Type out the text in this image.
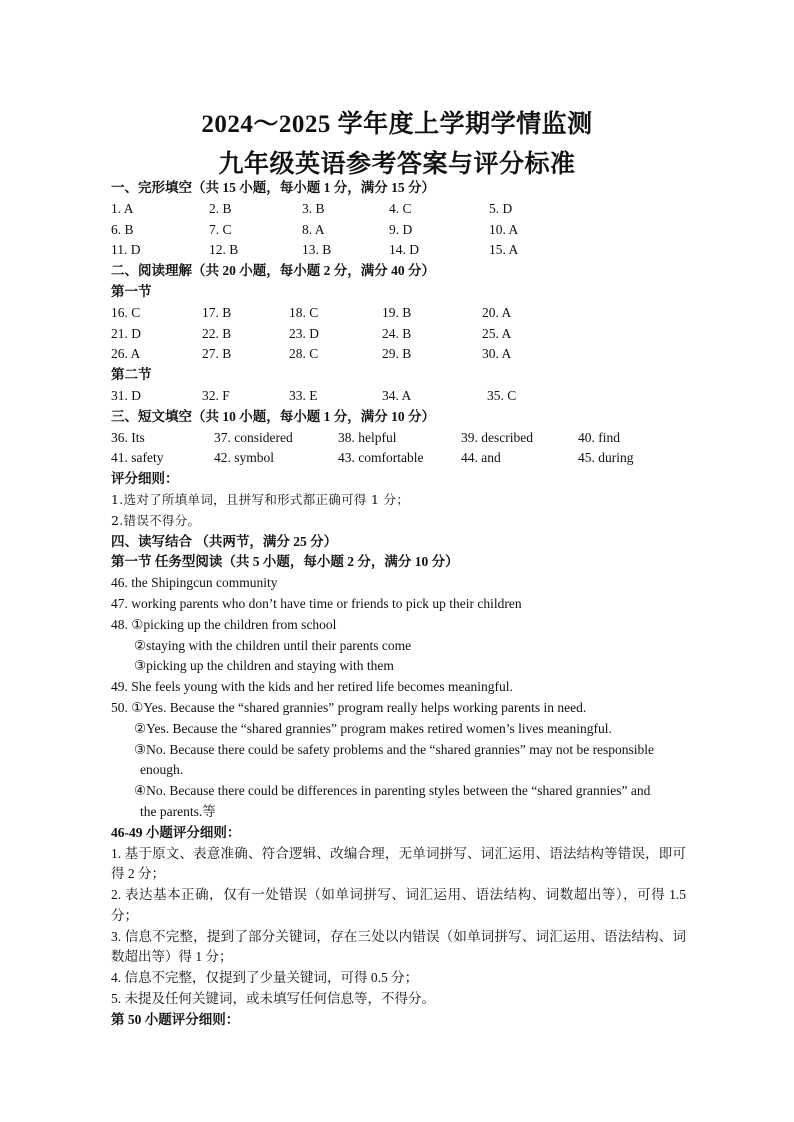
2024～2025 学年度上学期学情监测
九年级英语参考答案与评分标准
一、完形填空（共 15 小题，每小题 1 分，满分 15 分）
1. A	2. B	3. B	4. C	5. D
6. B	7. C	8. A	9. D	10. A
11. D	12. B	13. B	14. D	15. A
二、阅读理解（共 20 小题，每小题 2 分，满分 40 分）
第一节
16. C	17. B	18. C	19. B	20. A
21. D	22. B	23. D	24. B	25. A
26. A	27. B	28. C	29. B	30. A
第二节
31. D	32. F	33. E	34. A	35. C
三、短文填空（共 10 小题，每小题 1 分，满分 10 分）
36. Its	37. considered	38. helpful	39. described	40. find
41. safety	42. symbol	43. comfortable	44. and	45. during
评分细则：
1.选对了所填单词，且拼写和形式都正确可得 1 分；
2.错误不得分。
四、读写结合 （共两节，满分 25 分）
第一节 任务型阅读（共 5 小题，每小题 2 分，满分 10 分）
46. the Shipingcun community
47. working parents who don’t have time or friends to pick up their children
48. ①picking up the children from school
②staying with the children until their parents come
③picking up the children and staying with them
49. She feels young with the kids and her retired life becomes meaningful.
50. ①Yes. Because the “shared grannies” program really helps working parents in need.
②Yes. Because the “shared grannies” program makes retired women’s lives meaningful.
③No. Because there could be safety problems and the “shared grannies” may not be responsible
enough.
④No. Because there could be differences in parenting styles between the “shared grannies” and
the parents.等
46-49 小题评分细则：
1. 基于原文、表意准确、符合逻辑、改编合理，无单词拼写、词汇运用、语法结构等错误，即可得 2 分；
2. 表达基本正确，仅有一处错误（如单词拼写、词汇运用、语法结构、词数超出等），可得 1.5 分；
3. 信息不完整，提到了部分关键词，存在三处以内错误（如单词拼写、词汇运用、语法结构、词数超出等）得 1 分；
4. 信息不完整，仅提到了少量关键词，可得 0.5 分；
5. 未提及任何关键词，或未填写任何信息等，不得分。
第 50 小题评分细则：
